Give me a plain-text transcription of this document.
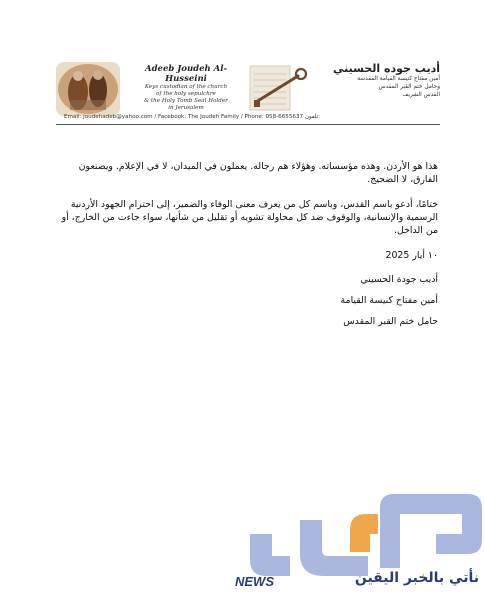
Adeeb Joudeh Al-Husseini
Keys custodian of the church
of the holy sepulchre
& the Holy Tomb Seal Holder
in Jerusalem
أديب جوده الحسيني
أمين مفتاح كنيسة القيامة المقدسة
وحامل ختم القبر المقدس
القدس الشريف
Email: joudehadeb@yahoo.com / Facebook: The Joudeh Family / Phone: 058-6655637 تلفون:

هذا هو الأردن. وهذه مؤسساته. وهؤلاء هم رجاله. يعملون في الميدان، لا في الإعلام. ويصنعون الفارق، لا الضجيج.

ختامًا، أدعو باسم القدس، وباسم كل من يعرف معنى الوفاء والضمير، إلى احترام الجهود الأردنية الرسمية والإنسانية، والوقوف ضد كل محاولة تشويه أو تقليل من شأنها، سواء جاءت من الخارج، أو من الداخل.

١٠ أيار 2025

أديب جودة الحسيني

أمين مفتاح كنيسة القيامة

حامل ختم القبر المقدس

NEWS	نأتي بالخبر اليقين
